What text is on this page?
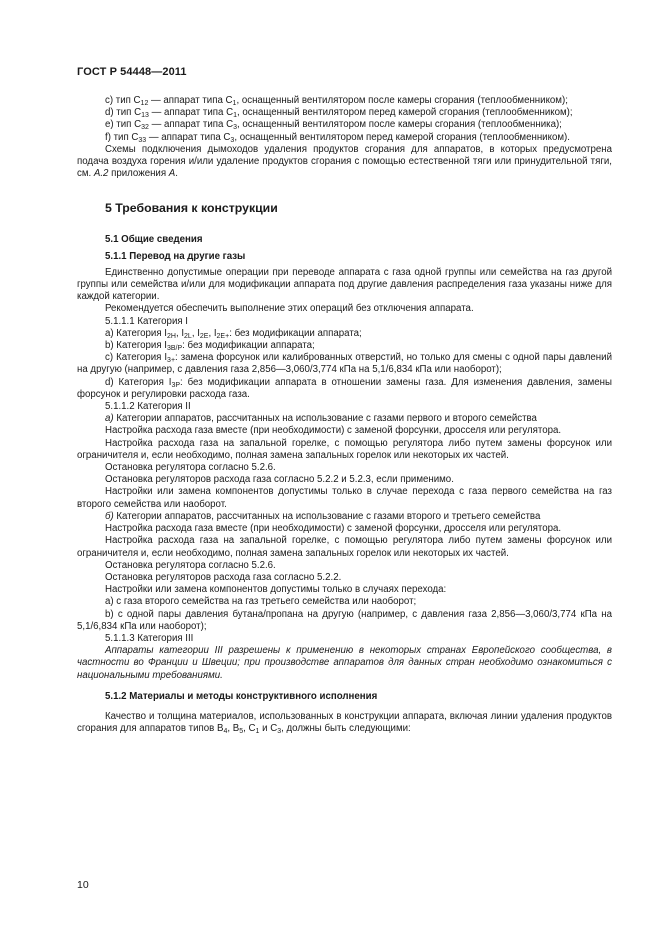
ГОСТ Р 54448—2011

c) тип $C_{12}$ — аппарат типа $C_1$, оснащенный вентилятором после камеры сгорания (теплообменником);

d) тип $C_{13}$ — аппарат типа $C_1$, оснащенный вентилятором перед камерой сгорания (теплообменником);

e) тип $C_{32}$ — аппарат типа $C_3$, оснащенный вентилятором после камеры сгорания (теплообменника);

f) тип $C_{33}$ — аппарат типа $C_3$, оснащенный вентилятором перед камерой сгорания (теплообменником).

Схемы подключения дымоходов удаления продуктов сгорания для аппаратов, в которых предусмотрена подача воздуха горения и/или удаление продуктов сгорания с помощью естественной тяги или принудительной тяги, см. А.2 приложения А.

5 Требования к конструкции

5.1 Общие сведения

5.1.1 Перевод на другие газы

Единственно допустимые операции при переводе аппарата с газа одной группы или семейства на газ другой группы или семейства и/или для модификации аппарата под другие давления распределения газа указаны ниже для каждой категории.

Рекомендуется обеспечить выполнение этих операций без отключения аппарата.

5.1.1.1 Категория I

a) Категория $I_{2H}$, $I_{2L}$, $I_{2E}$, $I_{2E+}$: без модификации аппарата;

b) Категория $I_{3B/P}$: без модификации аппарата;

c) Категория $I_{3+}$: замена форсунок или калиброванных отверстий, но только для смены с одной пары давлений на другую (например, с давления газа 2,856—3,060/3,774 кПа на 5,1/6,834 кПа или наоборот);

d) Категория $I_{3P}$: без модификации аппарата в отношении замены газа. Для изменения давления, замены форсунок и регулировки расхода газа.

5.1.1.2 Категория II

а) Категории аппаратов, рассчитанных на использование с газами первого и второго семейства

Настройка расхода газа вместе (при необходимости) с заменой форсунки, дросселя или регулятора.

Настройка расхода газа на запальной горелке, с помощью регулятора либо путем замены форсунок или ограничителя и, если необходимо, полная замена запальных горелок или некоторых их частей.

Остановка регулятора согласно 5.2.6.

Остановка регуляторов расхода газа согласно 5.2.2 и 5.2.3, если применимо.

Настройки или замена компонентов допустимы только в случае перехода с газа первого семейства на газ второго семейства или наоборот.

б) Категории аппаратов, рассчитанных на использование с газами второго и третьего семейства

Настройка расхода газа вместе (при необходимости) с заменой форсунки, дросселя или регулятора.

Настройка расхода газа на запальной горелке, с помощью регулятора либо путем замены форсунок или ограничителя и, если необходимо, полная замена запальных горелок или некоторых их частей.

Остановка регулятора согласно 5.2.6.

Остановка регуляторов расхода газа согласно 5.2.2.

Настройки или замена компонентов допустимы только в случаях перехода:

a) с газа второго семейства на газ третьего семейства или наоборот;

b) с одной пары давления бутана/пропана на другую (например, с давления газа 2,856—3,060/3,774 кПа на 5,1/6,834 кПа или наоборот);

5.1.1.3 Категория III

Аппараты категории III разрешены к применению в некоторых странах Европейского сообщества, в частности во Франции и Швеции; при производстве аппаратов для данных стран необходимо ознакомиться с национальными требованиями.

5.1.2 Материалы и методы конструктивного исполнения

Качество и толщина материалов, использованных в конструкции аппарата, включая линии удаления продуктов сгорания для аппаратов типов $B_4$, $B_5$, $C_1$ и $C_3$, должны быть следующими:

10
